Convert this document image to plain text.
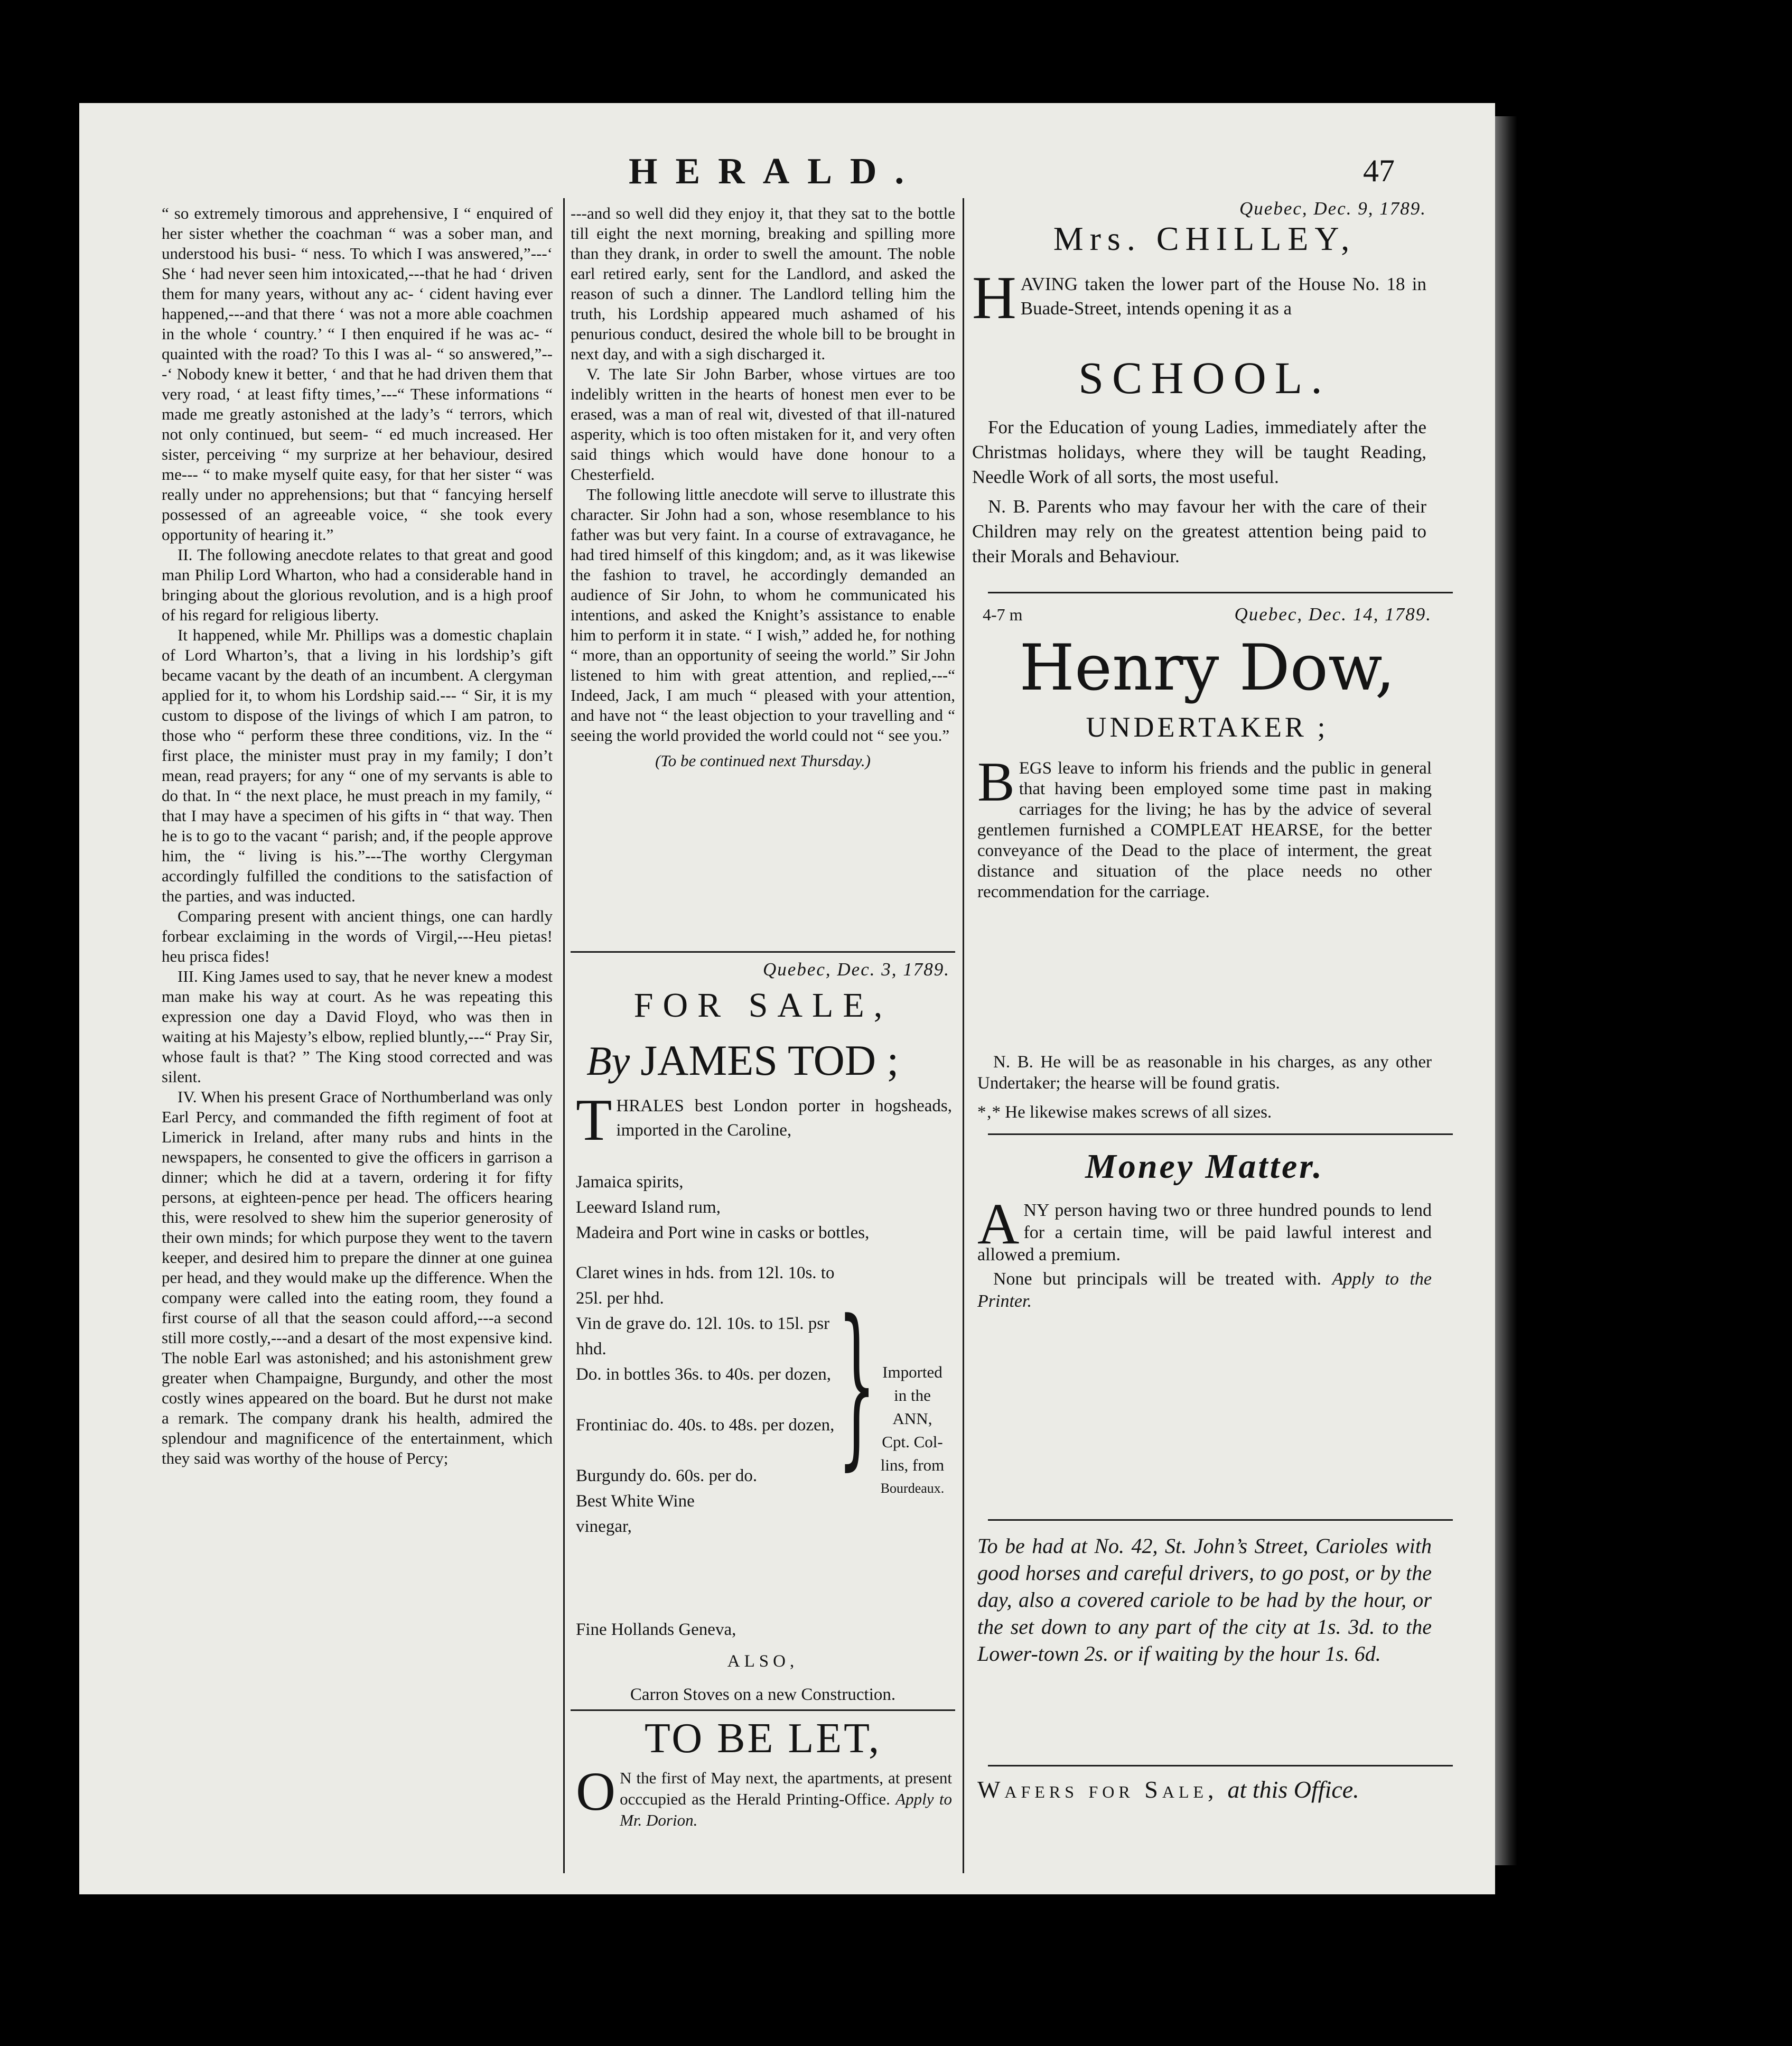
HERALD.	47

“ so extremely timorous and apprehensive, I “ enquired of her sister whether the coachman “ was a sober man, and understood his busi- “ ness. To which I was answered,”---‘ She ‘ had never seen him intoxicated,---that he had ‘ driven them for many years, without any ac- ‘ cident having ever happened,---and that there ‘ was not a more able coachmen in the whole ‘ country.’ “ I then enquired if he was ac- “ quainted with the road? To this I was al- “ so answered,”---‘ Nobody knew it better, ‘ and that he had driven them that very road, ‘ at least fifty times,’---“ These informations “ made me greatly astonished at the lady’s “ terrors, which not only continued, but seem- “ ed much increased. Her sister, perceiving “ my surprize at her behaviour, desired me--- “ to make myself quite easy, for that her sister “ was really under no apprehensions; but that “ fancying herself possessed of an agreeable voice, “ she took every opportunity of hearing it.”

II. The following anecdote relates to that great and good man Philip Lord Wharton, who had a considerable hand in bringing about the glorious revolution, and is a high proof of his regard for religious liberty.

It happened, while Mr. Phillips was a domestic chaplain of Lord Wharton’s, that a living in his lordship’s gift became vacant by the death of an incumbent. A clergyman applied for it, to whom his Lordship said.--- “ Sir, it is my custom to dispose of the livings of which I am patron, to those who “ perform these three conditions, viz. In the “ first place, the minister must pray in my family; I don’t mean, read prayers; for any “ one of my servants is able to do that. In “ the next place, he must preach in my family, “ that I may have a specimen of his gifts in “ that way. Then he is to go to the vacant “ parish; and, if the people approve him, the “ living is his.”---The worthy Clergyman accordingly fulfilled the conditions to the satisfaction of the parties, and was inducted.

Comparing present with ancient things, one can hardly forbear exclaiming in the words of Virgil,---Heu pietas! heu prisca fides!

III. King James used to say, that he never knew a modest man make his way at court. As he was repeating this expression one day a David Floyd, who was then in waiting at his Majesty’s elbow, replied bluntly,---“ Pray Sir, whose fault is that? ” The King stood corrected and was silent.

IV. When his present Grace of Northumberland was only Earl Percy, and commanded the fifth regiment of foot at Limerick in Ireland, after many rubs and hints in the newspapers, he consented to give the officers in garrison a dinner; which he did at a tavern, ordering it for fifty persons, at eighteen-pence per head. The officers hearing this, were resolved to shew him the superior generosity of their own minds; for which purpose they went to the tavern keeper, and desired him to prepare the dinner at one guinea per head, and they would make up the difference. When the company were called into the eating room, they found a first course of all that the season could afford,---a second still more costly,---and a desart of the most expensive kind. The noble Earl was astonished; and his astonishment grew greater when Champaigne, Burgundy, and other the most costly wines appeared on the board. But he durst not make a remark. The company drank his health, admired the splendour and magnificence of the entertainment, which they said was worthy of the house of Percy;

---and so well did they enjoy it, that they sat to the bottle till eight the next morning, breaking and spilling more than they drank, in order to swell the amount. The noble earl retired early, sent for the Landlord, and asked the reason of such a dinner. The Landlord telling him the truth, his Lordship appeared much ashamed of his penurious conduct, desired the whole bill to be brought in next day, and with a sigh discharged it.

V. The late Sir John Barber, whose virtues are too indelibly written in the hearts of honest men ever to be erased, was a man of real wit, divested of that ill-natured asperity, which is too often mistaken for it, and very often said things which would have done honour to a Chesterfield.

The following little anecdote will serve to illustrate this character. Sir John had a son, whose resemblance to his father was but very faint. In a course of extravagance, he had tired himself of this kingdom; and, as it was likewise the fashion to travel, he accordingly demanded an audience of Sir John, to whom he communicated his intentions, and asked the Knight’s assistance to enable him to perform it in state. “ I wish,” added he, for nothing “ more, than an opportunity of seeing the world.” Sir John listened to him with great attention, and replied,---“ Indeed, Jack, I am much “ pleased with your attention, and have not “ the least objection to your travelling and “ seeing the world provided the world could not “ see you.”

(To be continued next Thursday.)

Quebec, Dec. 3, 1789.
FOR SALE,
By JAMES TOD ;
THRALES best London porter in hogsheads, imported in the Caroline,
Jamaica spirits,
Leeward Island rum,
Madeira and Port wine in casks or bottles,
Claret wines in hds. from 12l. 10s. to 25l. per hhd.
Vin de grave do. 12l. 10s. to 15l. psr hhd.
Do. in bottles 36s. to 40s. per dozen,
Frontiniac do. 40s. to 48s. per dozen,
Burgundy do. 60s. per do.
Best White Wine vinegar,
} Imported
in the
ANN,
Cpt. Col-
lins, from
Bourdeaux.
Fine Hollands Geneva,
ALSO,
Carron Stoves on a new Construction.
TO BE LET,
O N the first of May next, the apartments, at present occcupied as the Herald Printing-Office. Apply to Mr. Dorion.
Quebec, Dec. 9, 1789.
Mrs. CHILLEY,
HAVING taken the lower part of the House No. 18 in Buade-Street, intends opening it as a
SCHOOL.
For the Education of young Ladies, immediately after the Christmas holidays, where they will be taught Reading, Needle Work of all sorts, the most useful.
N. B. Parents who may favour her with the care of their Children may rely on the greatest attention being paid to their Morals and Behaviour.
4-7 m	Quebec, Dec. 14, 1789.
Henry Dow,
UNDERTAKER ;
BEGS leave to inform his friends and the public in general that having been employed some time past in making carriages for the living; he has by the advice of several gentlemen furnished a COMPLEAT HEARSE, for the better conveyance of the Dead to the place of interment, the great distance and situation of the place needs no other recommendation for the carriage.
N. B. He will be as reasonable in his charges, as any other Undertaker; the hearse will be found gratis.
*‚* He likewise makes screws of all sizes.
Money Matter.
ANY person having two or three hundred pounds to lend for a certain time, will be paid lawful interest and allowed a premium.
None but principals will be treated with. Apply to the Printer.
To be had at No. 42, St. John’s Street, Carioles with good horses and careful drivers, to go post, or by the day, also a covered cariole to be had by the hour, or the set down to any part of the city at 1s. 3d. to the Lower-town 2s. or if waiting by the hour 1s. 6d.
Wafers for Sale, at this Office.
